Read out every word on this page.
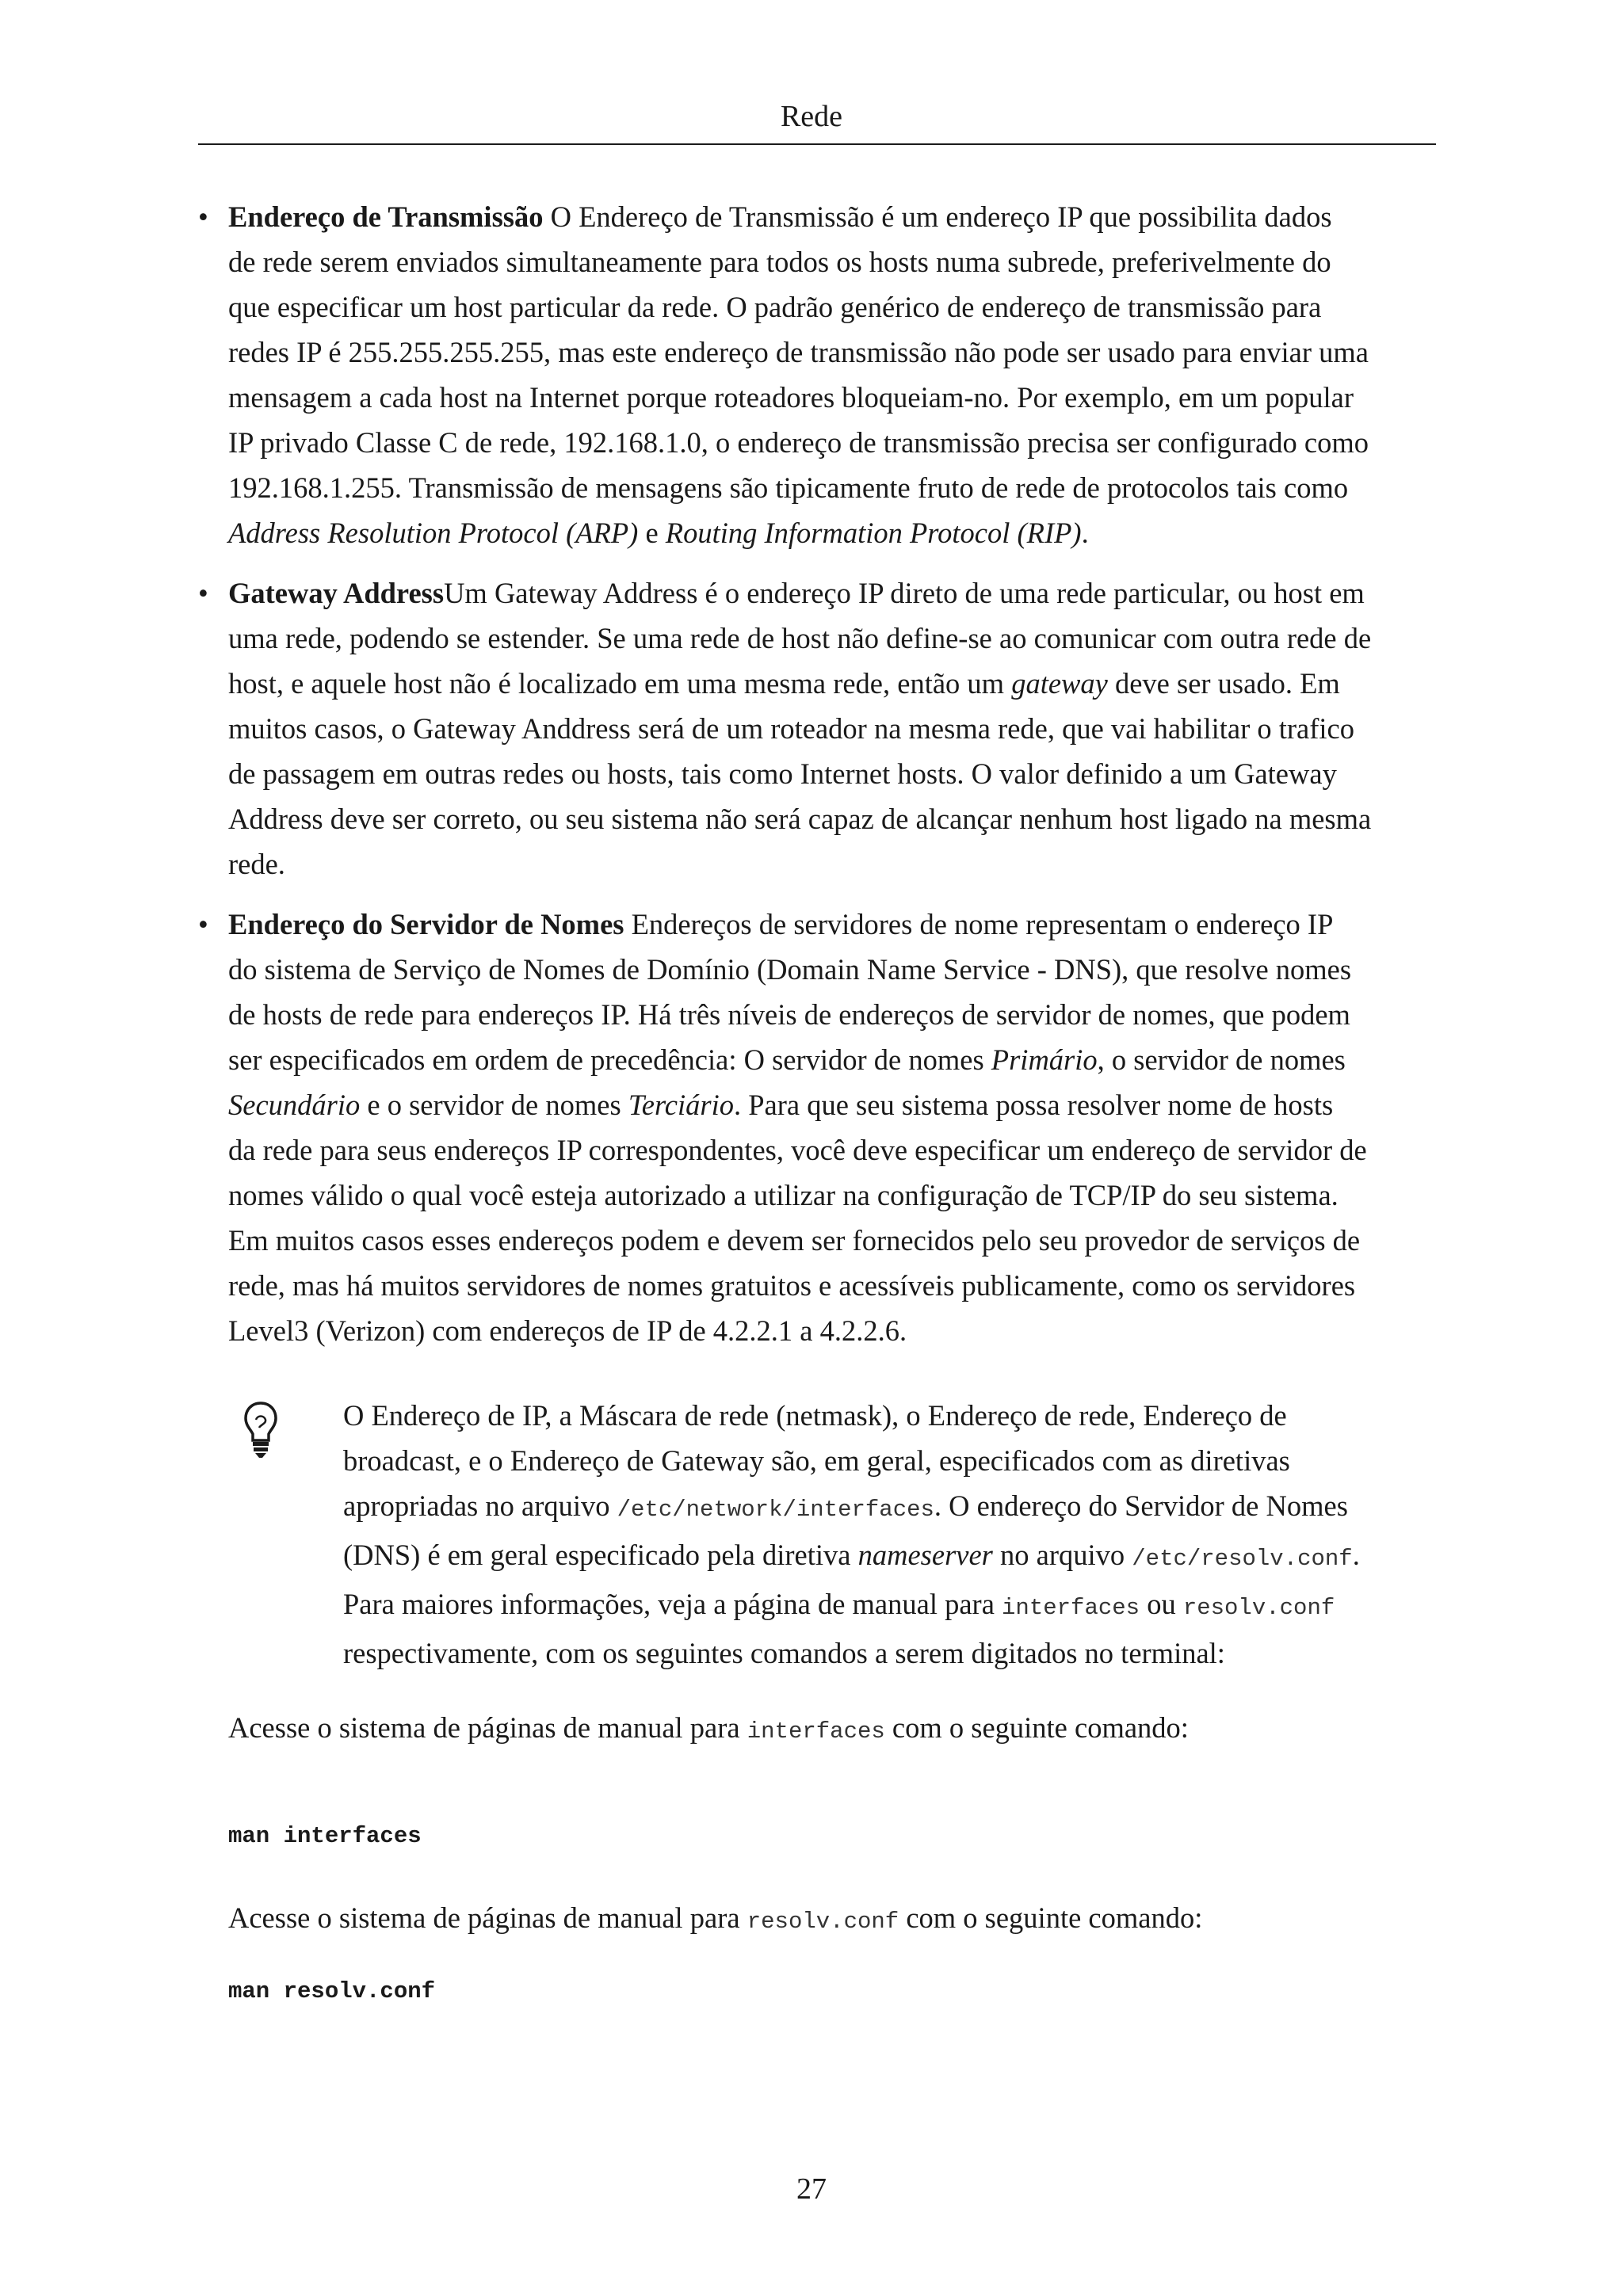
Rede
• Endereço de Transmissão O Endereço de Transmissão é um endereço IP que possibilita dados
de rede serem enviados simultaneamente para todos os hosts numa subrede, preferivelmente do
que especificar um host particular da rede. O padrão genérico de endereço de transmissão para
redes IP é 255.255.255.255, mas este endereço de transmissão não pode ser usado para enviar uma
mensagem a cada host na Internet porque roteadores bloqueiam-no. Por exemplo, em um popular
IP privado Classe C de rede, 192.168.1.0, o endereço de transmissão precisa ser configurado como
192.168.1.255. Transmissão de mensagens são tipicamente fruto de rede de protocolos tais como
Address Resolution Protocol (ARP) e Routing Information Protocol (RIP).

• Gateway AddressUm Gateway Address é o endereço IP direto de uma rede particular, ou host em
uma rede, podendo se estender. Se uma rede de host não define-se ao comunicar com outra rede de
host, e aquele host não é localizado em uma mesma rede, então um gateway deve ser usado. Em
muitos casos, o Gateway Anddress será de um roteador na mesma rede, que vai habilitar o trafico
de passagem em outras redes ou hosts, tais como Internet hosts. O valor definido a um Gateway
Address deve ser correto, ou seu sistema não será capaz de alcançar nenhum host ligado na mesma
rede.

• Endereço do Servidor de Nomes Endereços de servidores de nome representam o endereço IP
do sistema de Serviço de Nomes de Domínio (Domain Name Service - DNS), que resolve nomes
de hosts de rede para endereços IP. Há três níveis de endereços de servidor de nomes, que podem
ser especificados em ordem de precedência: O servidor de nomes Primário, o servidor de nomes
Secundário e o servidor de nomes Terciário. Para que seu sistema possa resolver nome de hosts
da rede para seus endereços IP correspondentes, você deve especificar um endereço de servidor de
nomes válido o qual você esteja autorizado a utilizar na configuração de TCP/IP do seu sistema.
Em muitos casos esses endereços podem e devem ser fornecidos pelo seu provedor de serviços de
rede, mas há muitos servidores de nomes gratuitos e acessíveis publicamente, como os servidores
Level3 (Verizon) com endereços de IP de 4.2.2.1 a 4.2.2.6.

O Endereço de IP, a Máscara de rede (netmask), o Endereço de rede, Endereço de
broadcast, e o Endereço de Gateway são, em geral, especificados com as diretivas
apropriadas no arquivo /etc/network/interfaces. O endereço do Servidor de Nomes
(DNS) é em geral especificado pela diretiva nameserver no arquivo /etc/resolv.conf.
Para maiores informações, veja a página de manual para interfaces ou resolv.conf
respectivamente, com os seguintes comandos a serem digitados no terminal:
Acesse o sistema de páginas de manual para interfaces com o seguinte comando:
man interfaces
Acesse o sistema de páginas de manual para resolv.conf com o seguinte comando:
man resolv.conf
27
